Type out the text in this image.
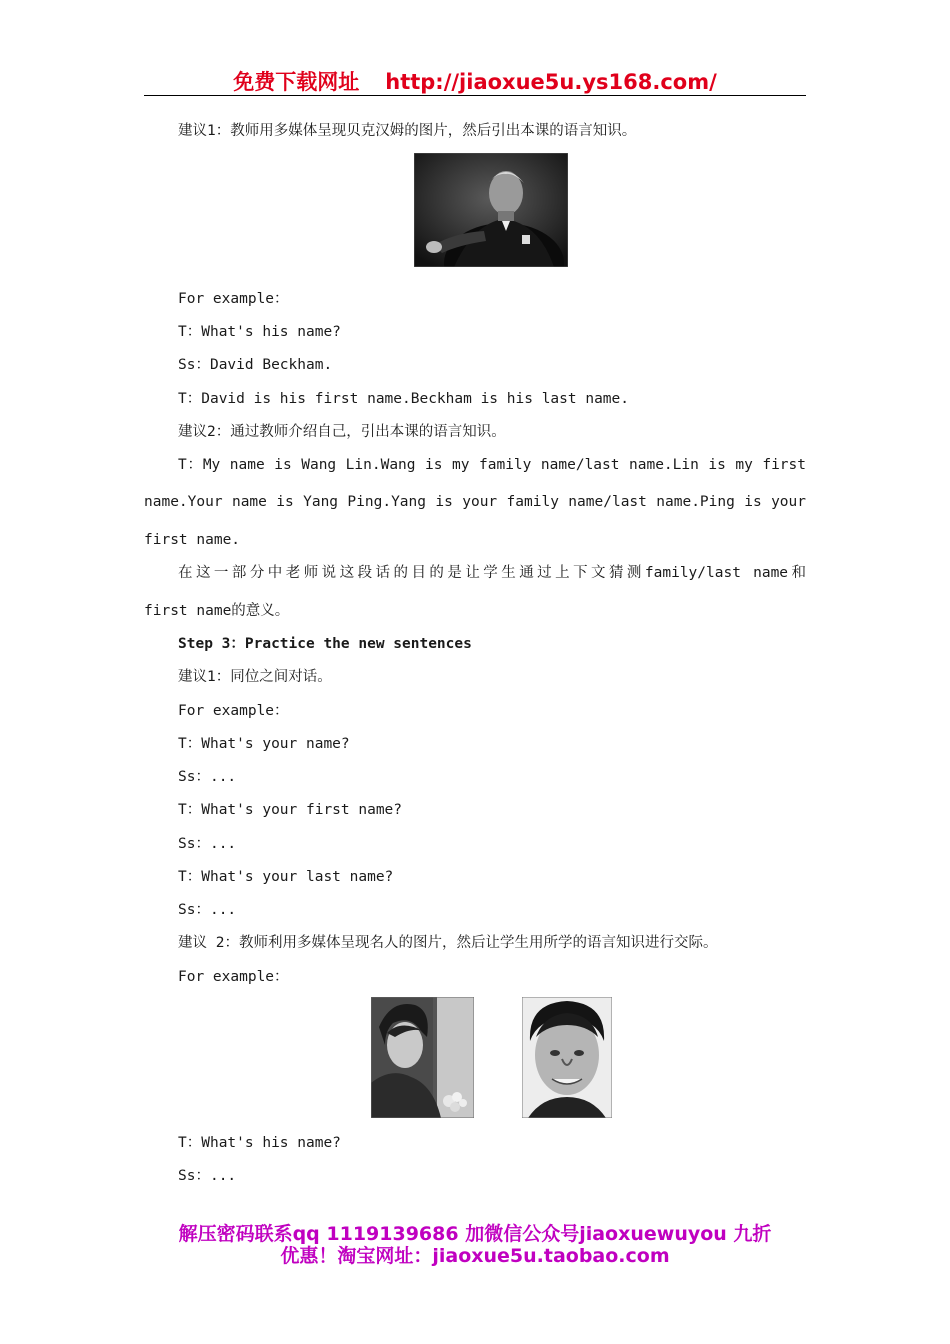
免费下载网址 http://jiaoxue5u.ys168.com/
建议1：教师用多媒体呈现贝克汉姆的图片，然后引出本课的语言知识。
For example：
T：What's his name?
Ss：David Beckham.
T：David is his first name.Beckham is his last name.
建议2：通过教师介绍自己，引出本课的语言知识。
T：My name is Wang Lin.Wang is my family name/last name.Lin is my first
name.Your name is Yang Ping.Yang is your family name/last name.Ping is your
first name.
在这一部分中老师说这段话的目的是让学生通过上下文猜测family/last name和
first name的意义。
Step 3：Practice the new sentences
建议1：同位之间对话。
For example：
T：What's your name?
Ss：...
T：What's your first name?
Ss：...
T：What's your last name?
Ss：...
建议 2：教师利用多媒体呈现名人的图片，然后让学生用所学的语言知识进行交际。
For example：
T：What's his name?
Ss：...
解压密码联系qq 1119139686 加微信公众号jiaoxuewuyou 九折
优惠！淘宝网址：jiaoxue5u.taobao.com
